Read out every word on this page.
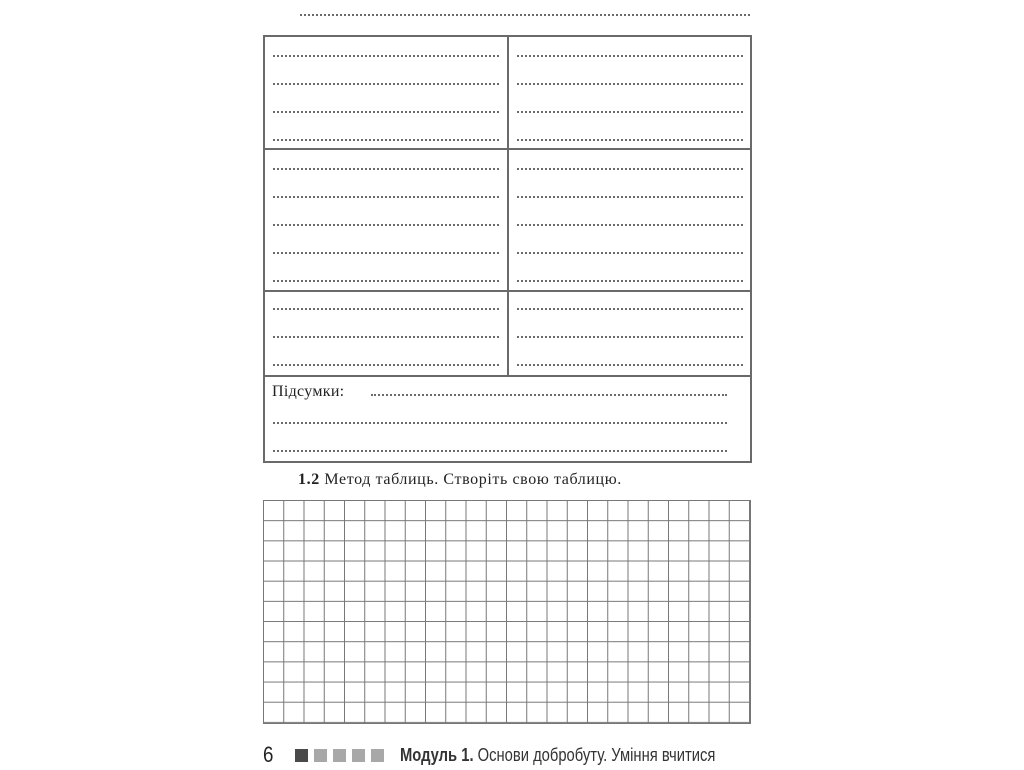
Підсумки:
1.2 Метод таблиць. Створіть свою таблицю.
6	Модуль 1. Основи добробуту. Уміння вчитися
